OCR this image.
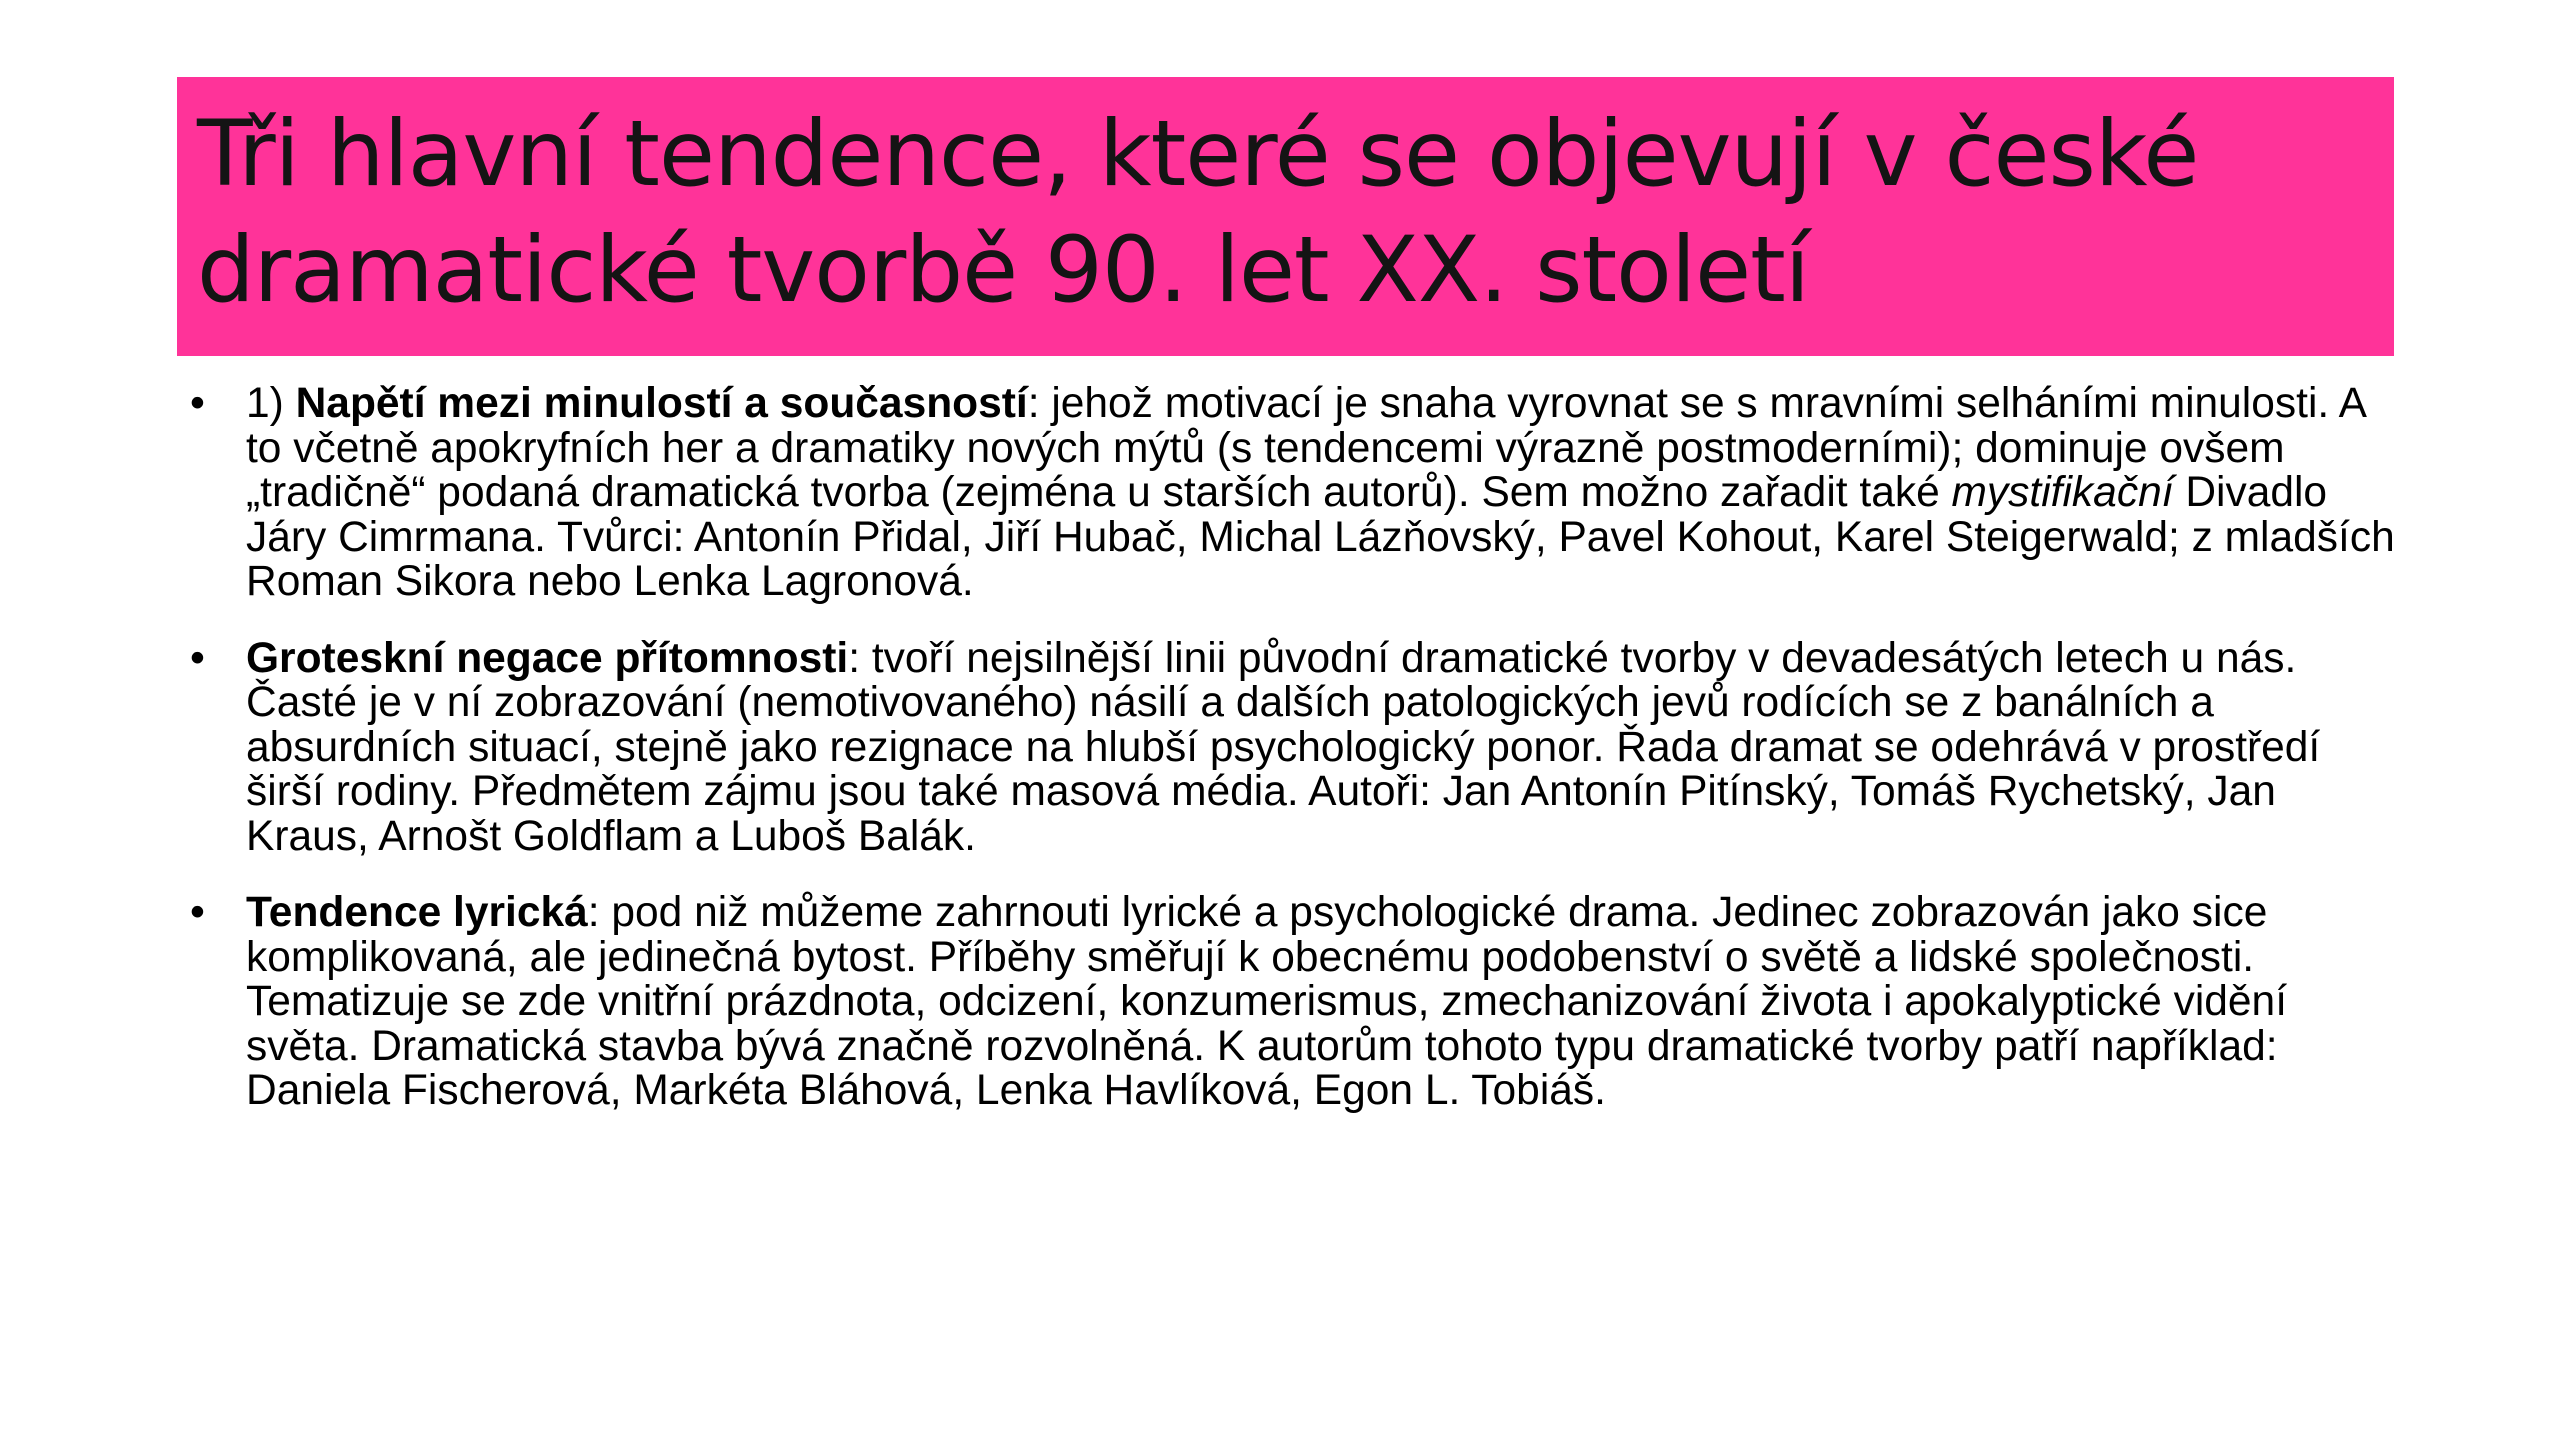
Tři hlavní tendence, které se objevují v české
dramatické tvorbě 90. let XX. století
• 1) Napětí mezi minulostí a současností: jehož motivací je snaha vyrovnat se s mravními selháními minulosti. A to včetně apokryfních her a dramatiky nových mýtů (s tendencemi výrazně postmoderními); dominuje ovšem „tradičně“ podaná dramatická tvorba (zejména u starších autorů). Sem možno zařadit také mystifikační Divadlo Járy Cimrmana. Tvůrci: Antonín Přidal, Jiří Hubač, Michal Lázňovský, Pavel Kohout, Karel Steigerwald; z mladších Roman Sikora nebo Lenka Lagronová.
• Groteskní negace přítomnosti: tvoří nejsilnější linii původní dramatické tvorby v devadesátých letech u nás. Časté je v ní zobrazování (nemotivovaného) násilí a dalších patologických jevů rodících se z banálních a absurdních situací, stejně jako rezignace na hlubší psychologický ponor. Řada dramat se odehrává v prostředí širší rodiny. Předmětem zájmu jsou také masová média. Autoři: Jan Antonín Pitínský, Tomáš Rychetský, Jan Kraus, Arnošt Goldflam a Luboš Balák.
• Tendence lyrická: pod niž můžeme zahrnouti lyrické a psychologické drama. Jedinec zobrazován jako sice komplikovaná, ale jedinečná bytost. Příběhy směřují k obecnému podobenství o světě a lidské společnosti. Tematizuje se zde vnitřní prázdnota, odcizení, konzumerismus, zmechanizování života i apokalyptické vidění světa. Dramatická stavba bývá značně rozvolněná. K autorům tohoto typu dramatické tvorby patří například: Daniela Fischerová, Markéta Bláhová, Lenka Havlíková, Egon L. Tobiáš.
